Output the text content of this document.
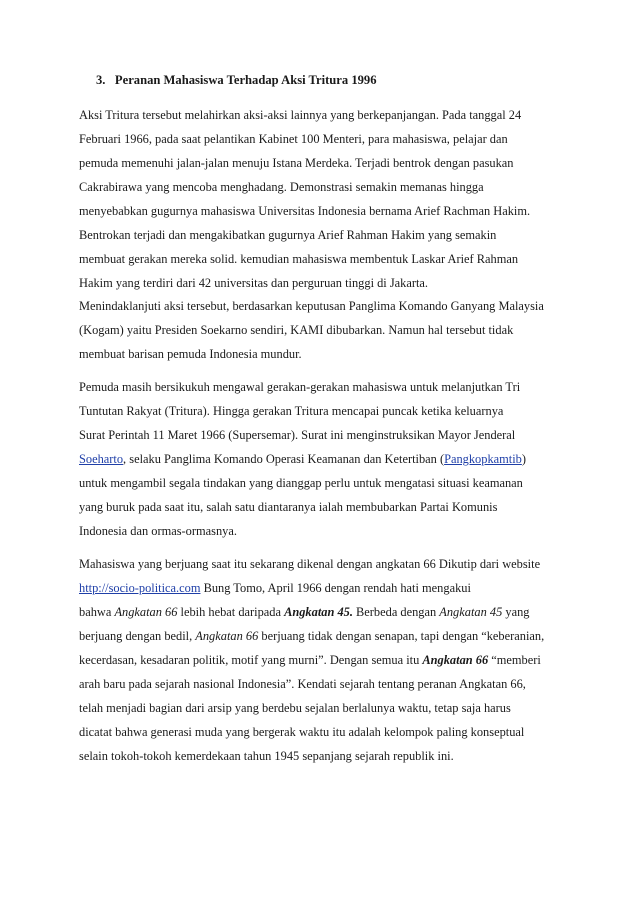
3. Peranan Mahasiswa Terhadap Aksi Tritura 1996
Aksi Tritura tersebut melahirkan aksi-aksi lainnya yang berkepanjangan. Pada tanggal 24
Februari 1966, pada saat pelantikan Kabinet 100 Menteri, para mahasiswa, pelajar dan
pemuda memenuhi jalan-jalan menuju Istana Merdeka. Terjadi bentrok dengan pasukan
Cakrabirawa yang mencoba menghadang. Demonstrasi semakin memanas hingga
menyebabkan gugurnya mahasiswa Universitas Indonesia bernama Arief Rachman Hakim.
Bentrokan terjadi dan mengakibatkan gugurnya Arief Rahman Hakim yang semakin
membuat gerakan mereka solid. kemudian mahasiswa membentuk Laskar Arief Rahman
Hakim yang terdiri dari 42 universitas dan perguruan tinggi di Jakarta.
Menindaklanjuti aksi tersebut, berdasarkan keputusan Panglima Komando Ganyang Malaysia
(Kogam) yaitu Presiden Soekarno sendiri, KAMI dibubarkan. Namun hal tersebut tidak
membuat barisan pemuda Indonesia mundur.
Pemuda masih bersikukuh mengawal gerakan-gerakan mahasiswa untuk melanjutkan Tri
Tuntutan Rakyat (Tritura). Hingga gerakan Tritura mencapai puncak ketika keluarnya
Surat Perintah 11 Maret 1966 (Supersemar). Surat ini menginstruksikan Mayor Jenderal
Soeharto, selaku Panglima Komando Operasi Keamanan dan Ketertiban (Pangkopkamtib)
untuk mengambil segala tindakan yang dianggap perlu untuk mengatasi situasi keamanan
yang buruk pada saat itu, salah satu diantaranya ialah membubarkan Partai Komunis
Indonesia dan ormas-ormasnya.
Mahasiswa yang berjuang saat itu sekarang dikenal dengan angkatan 66 Dikutip dari website
http://socio-politica.com Bung Tomo, April 1966 dengan rendah hati mengakui
bahwa Angkatan 66 lebih hebat daripada Angkatan 45. Berbeda dengan Angkatan 45 yang
berjuang dengan bedil, Angkatan 66 berjuang tidak dengan senapan, tapi dengan “keberanian,
kecerdasan, kesadaran politik, motif yang murni”. Dengan semua itu Angkatan 66 “memberi
arah baru pada sejarah nasional Indonesia”. Kendati sejarah tentang peranan Angkatan 66,
telah menjadi bagian dari arsip yang berdebu sejalan berlalunya waktu, tetap saja harus
dicatat bahwa generasi muda yang bergerak waktu itu adalah kelompok paling konseptual
selain tokoh-tokoh kemerdekaan tahun 1945 sepanjang sejarah republik ini.
